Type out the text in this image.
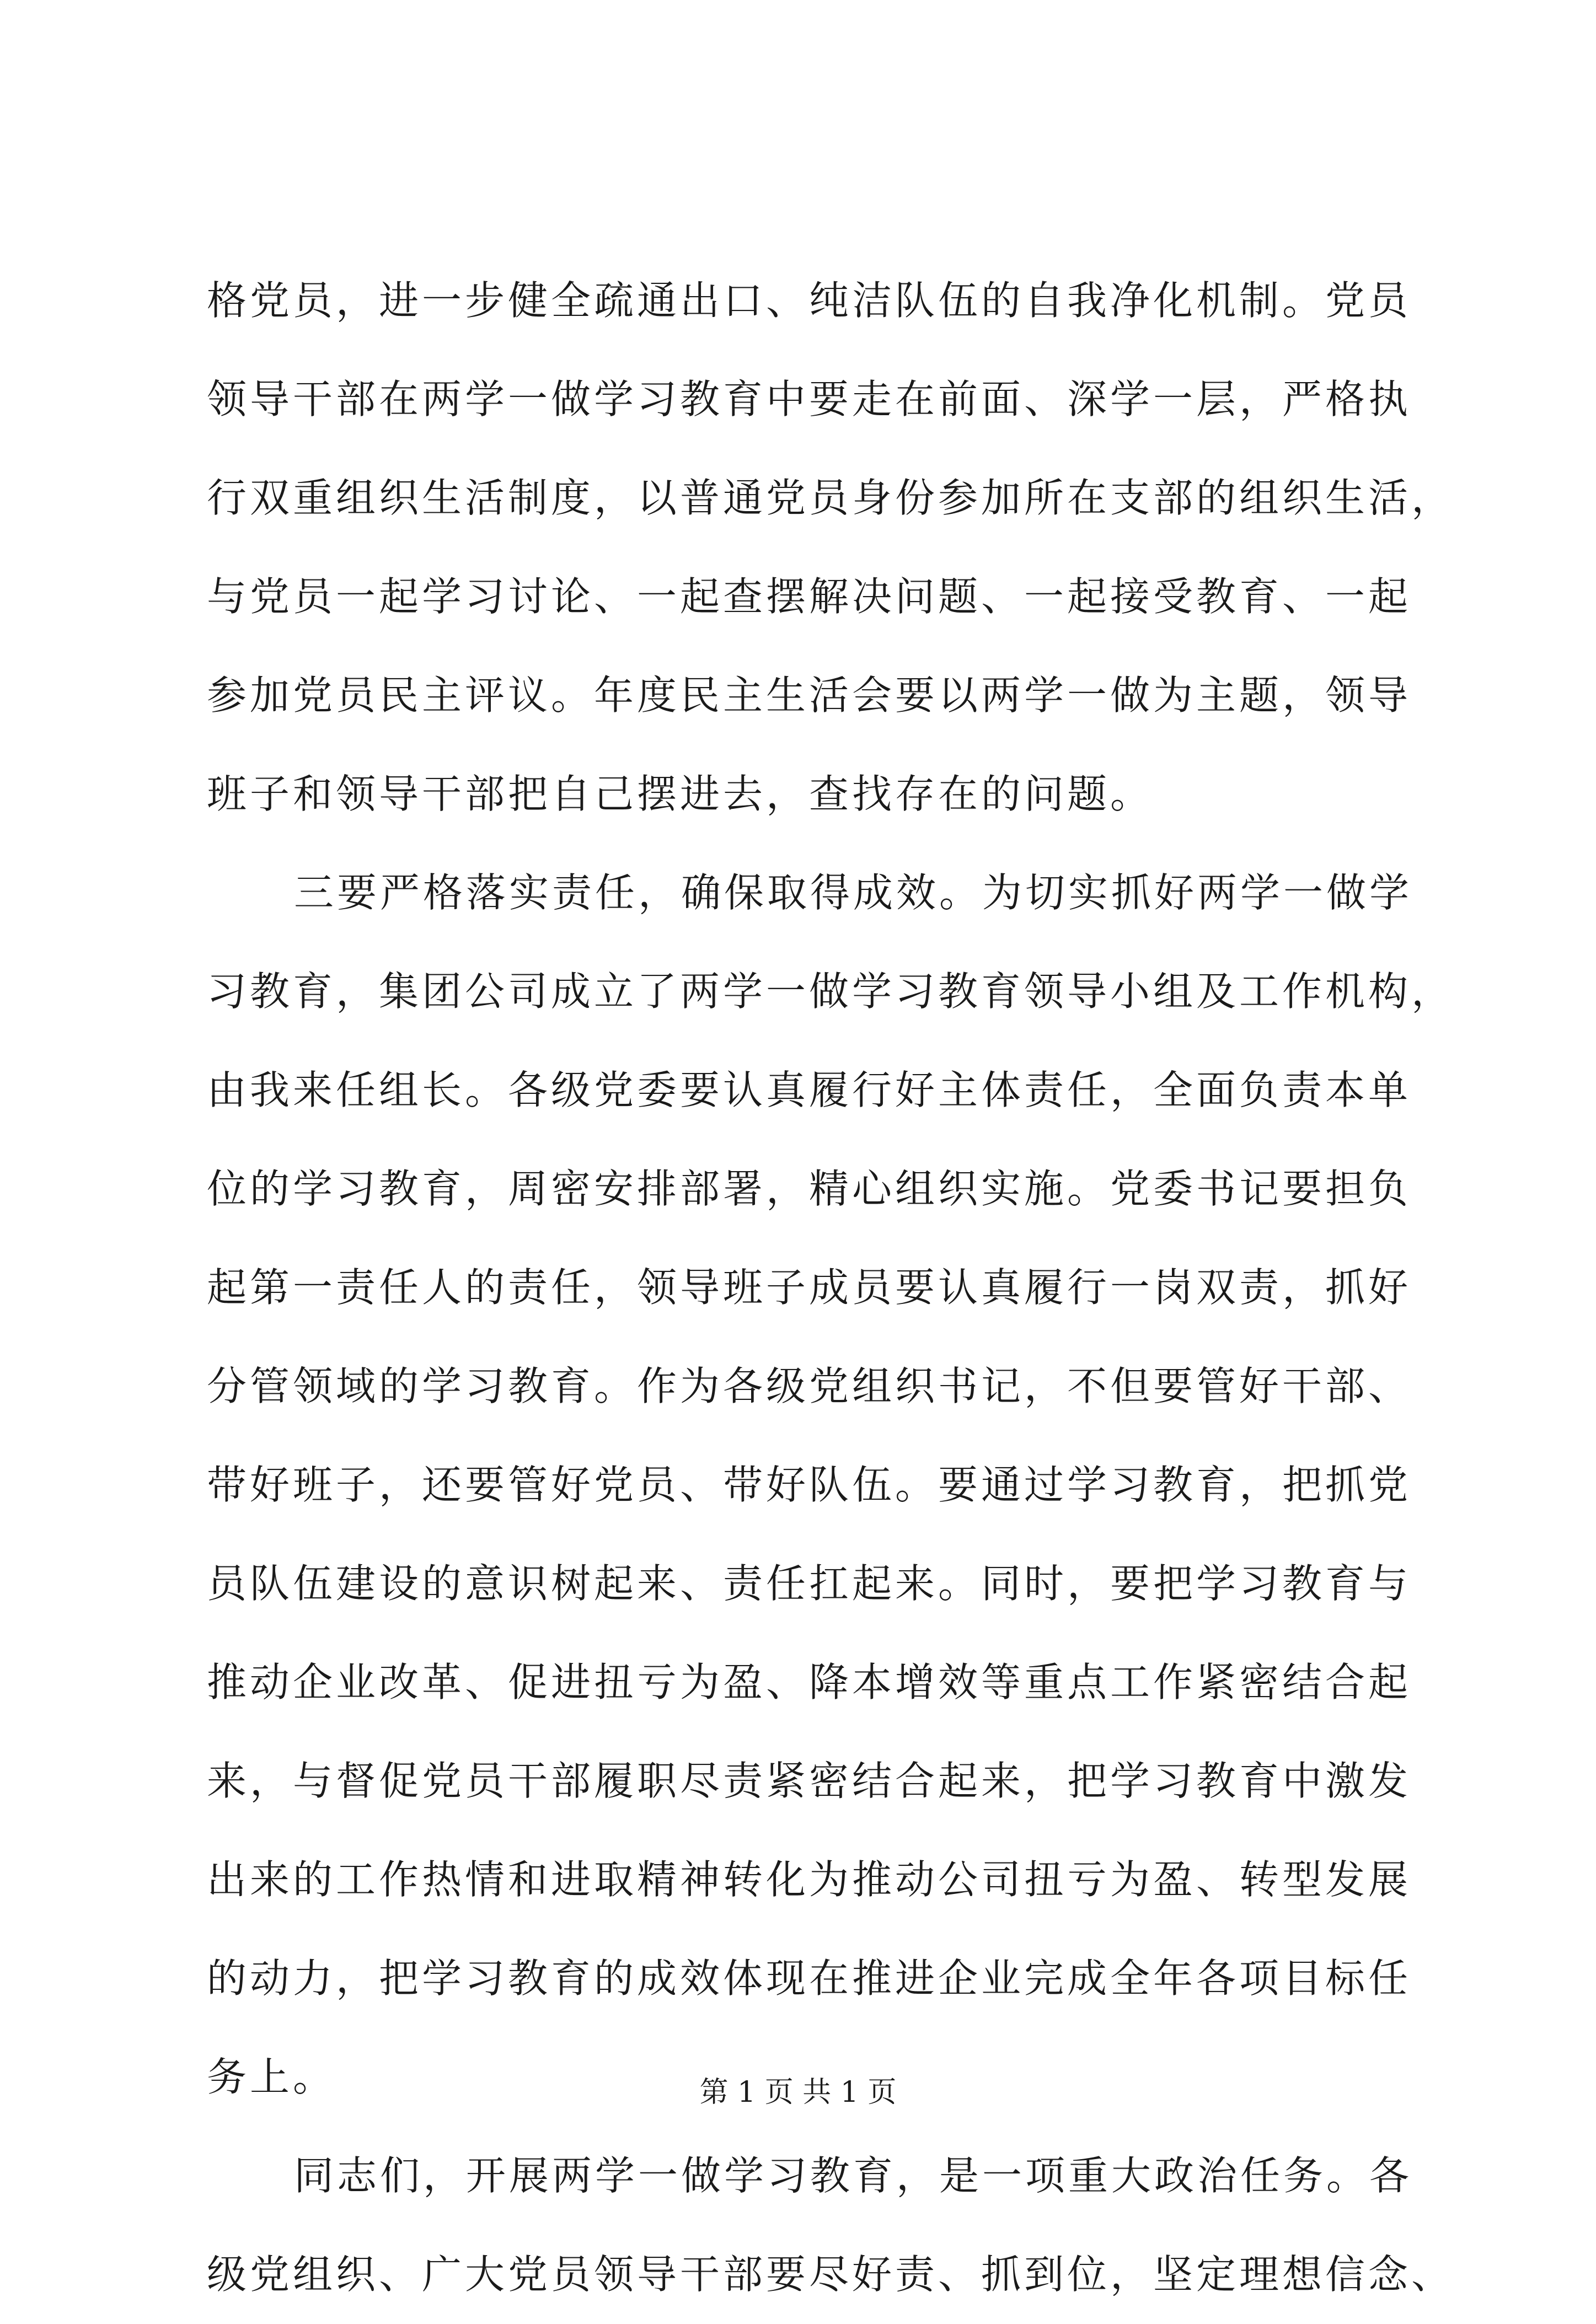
格党员，进一步健全疏通出口、纯洁队伍的自我净化机制。党员
领导干部在两学一做学习教育中要走在前面、深学一层，严格执
行双重组织生活制度，以普通党员身份参加所在支部的组织生活，
与党员一起学习讨论、一起查摆解决问题、一起接受教育、一起
参加党员民主评议。年度民主生活会要以两学一做为主题，领导
班子和领导干部把自己摆进去，查找存在的问题。
三要严格落实责任，确保取得成效。为切实抓好两学一做学
习教育，集团公司成立了两学一做学习教育领导小组及工作机构，
由我来任组长。各级党委要认真履行好主体责任，全面负责本单
位的学习教育，周密安排部署，精心组织实施。党委书记要担负
起第一责任人的责任，领导班子成员要认真履行一岗双责，抓好
分管领域的学习教育。作为各级党组织书记，不但要管好干部、
带好班子，还要管好党员、带好队伍。要通过学习教育，把抓党
员队伍建设的意识树起来、责任扛起来。同时，要把学习教育与
推动企业改革、促进扭亏为盈、降本增效等重点工作紧密结合起
来，与督促党员干部履职尽责紧密结合起来，把学习教育中激发
出来的工作热情和进取精神转化为推动公司扭亏为盈、转型发展
的动力，把学习教育的成效体现在推进企业完成全年各项目标任
务上。
同志们，开展两学一做学习教育，是一项重大政治任务。各
级党组织、广大党员领导干部要尽好责、抓到位，坚定理想信念、
第 1 页 共 1 页
